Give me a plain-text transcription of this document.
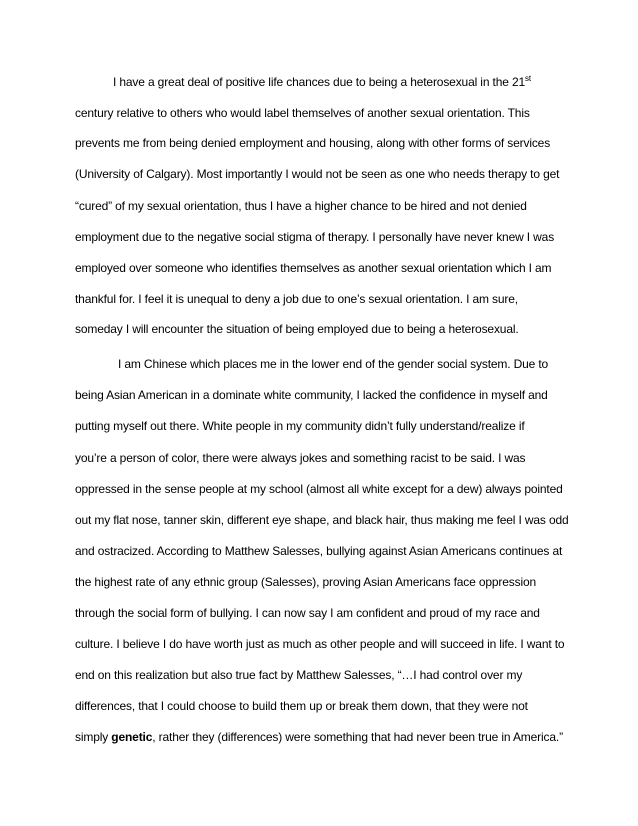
I have a great deal of positive life chances due to being a heterosexual in the 21st
century relative to others who would label themselves of another sexual orientation. This
prevents me from being denied employment and housing, along with other forms of services
(University of Calgary). Most importantly I would not be seen as one who needs therapy to get
“cured” of my sexual orientation, thus I have a higher chance to be hired and not denied
employment due to the negative social stigma of therapy. I personally have never knew I was
employed over someone who identifies themselves as another sexual orientation which I am
thankful for. I feel it is unequal to deny a job due to one’s sexual orientation. I am sure,
someday I will encounter the situation of being employed due to being a heterosexual.
I am Chinese which places me in the lower end of the gender social system. Due to
being Asian American in a dominate white community, I lacked the confidence in myself and
putting myself out there. White people in my community didn’t fully understand/realize if
you’re a person of color, there were always jokes and something racist to be said. I was
oppressed in the sense people at my school (almost all white except for a dew) always pointed
out my flat nose, tanner skin, different eye shape, and black hair, thus making me feel I was odd
and ostracized. According to Matthew Salesses, bullying against Asian Americans continues at
the highest rate of any ethnic group (Salesses), proving Asian Americans face oppression
through the social form of bullying. I can now say I am confident and proud of my race and
culture. I believe I do have worth just as much as other people and will succeed in life. I want to
end on this realization but also true fact by Matthew Salesses, “…I had control over my
differences, that I could choose to build them up or break them down, that they were not
simply genetic, rather they (differences) were something that had never been true in America.”
